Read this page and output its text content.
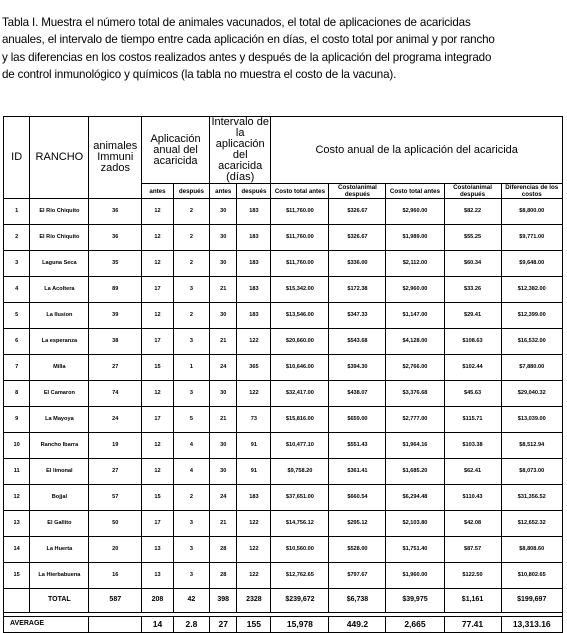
Tabla I. Muestra el número total de animales vacunados, el total de aplicaciones de acaricidas

anuales, el intervalo de tiempo entre cada aplicación en días, el costo total por animal y por rancho

y las diferencias en los costos realizados antes y después de la aplicación del programa integrado

de control inmunológico y químicos (la tabla no muestra el costo de la vacuna).

ID	RANCHO	animales Immuni zados	Aplicación anual del acaricida		Intervalo de la aplicación del acaricida (días)		Costo anual de la aplicación del acaricida				
			antes	después	antes	después	Costo total antes	Costo/animal después	Costo total antes	Costo/animal después	Diferencias de los costos
1	El Río Chiquito	36	12	2	30	183	$11,760.00	$326.67	$2,960.00	$82.22	$8,800.00
2	El Río Chiquito	36	12	2	30	183	$11,760.00	$326.67	$1,989.00	$55.25	$9,771.00
3	Laguna Seca	35	12	2	30	183	$11,760.00	$336.00	$2,112.00	$60.34	$9,648.00
4	La Acoltera	89	17	3	21	183	$15,342.00	$172.38	$2,960.00	$33.26	$12,382.00
5	La Ilusion	39	12	2	30	183	$13,546.00	$347.33	$1,147.00	$29.41	$12,399.00
6	La esperanza	38	17	3	21	122	$20,660.00	$543.68	$4,128.00	$108.63	$16,532.00
7	Milla	27	15	1	24	365	$10,646.00	$394.30	$2,766.00	$102.44	$7,880.00
8	El Camaron	74	12	3	30	122	$32,417.00	$438.07	$3,376.68	$45.63	$29,040.32
9	La Mayoya	24	17	5	21	73	$15,816.00	$659.00	$2,777.00	$115.71	$13,039.00
10	Rancho Ibarra	19	12	4	30	91	$10,477.10	$551.43	$1,964.16	$103.38	$8,512.94
11	El limonal	27	12	4	30	91	$9,758.20	$361.41	$1,685.20	$62.41	$8,073.00
12	Bojjal	57	15	2	24	183	$37,651.00	$660.54	$6,294.48	$110.43	$31,356.52
13	El Gallito	50	17	3	21	122	$14,756.12	$295.12	$2,103.80	$42.08	$12,652.32
14	La Huerta	20	13	3	28	122	$10,560.00	$528.00	$1,751.40	$87.57	$8,808.60
15	La Hierbabuena	16	13	3	28	122	$12,762.65	$797.67	$1,960.00	$122.50	$10,802.65
	TOTAL	587	208	42	398	2328	$239,672	$6,738	$39,975	$1,161	$199,697

AVERAGE			14	2.8	27	155	15,978	449.2	2,665	77.41	13,313.16
